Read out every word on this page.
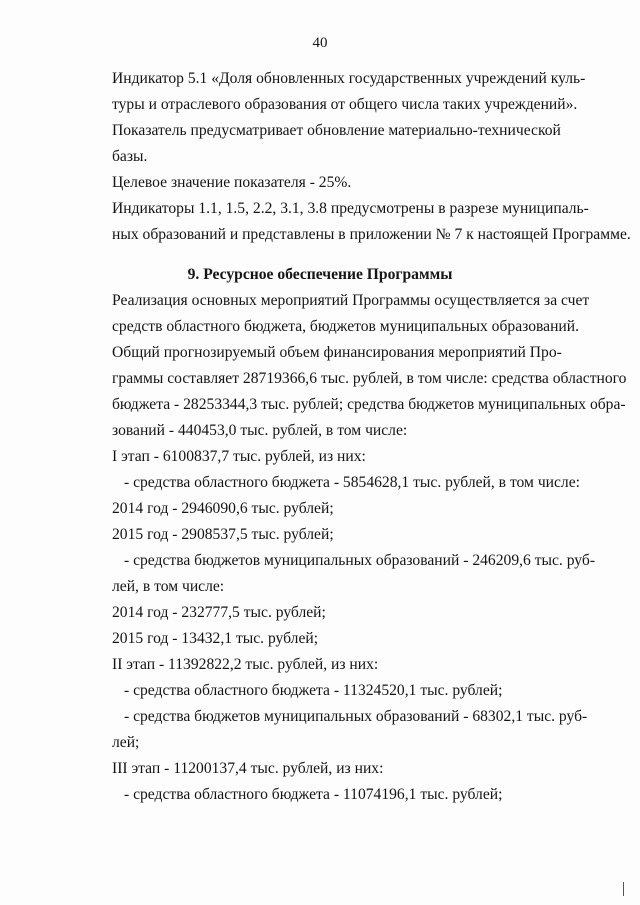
40
Индикатор 5.1 «Доля обновленных государственных учреждений куль-
туры и отраслевого образования от общего числа таких учреждений».
Показатель предусматривает обновление материально-технической
базы.
Целевое значение показателя - 25%.
Индикаторы 1.1, 1.5, 2.2, 3.1, 3.8 предусмотрены в разрезе муниципаль-
ных образований и представлены в приложении № 7 к настоящей Программе.
9. Ресурсное обеспечение Программы
Реализация основных мероприятий Программы осуществляется за счет
средств областного бюджета, бюджетов муниципальных образований.
Общий прогнозируемый объем финансирования мероприятий Про-
граммы составляет 28719366,6 тыс. рублей, в том числе: средства областного
бюджета - 28253344,3 тыс. рублей; средства бюджетов муниципальных обра-
зований - 440453,0 тыс. рублей, в том числе:
I этап - 6100837,7 тыс. рублей, из них:
- средства областного бюджета - 5854628,1 тыс. рублей, в том числе:
2014 год - 2946090,6 тыс. рублей;
2015 год - 2908537,5 тыс. рублей;
- средства бюджетов муниципальных образований - 246209,6 тыс. руб-
лей, в том числе:
2014 год - 232777,5 тыс. рублей;
2015 год - 13432,1 тыс. рублей;
II этап - 11392822,2 тыс. рублей, из них:
- средства областного бюджета - 11324520,1 тыс. рублей;
- средства бюджетов муниципальных образований - 68302,1 тыс. руб-
лей;
III этап - 11200137,4 тыс. рублей, из них:
- средства областного бюджета - 11074196,1 тыс. рублей;
